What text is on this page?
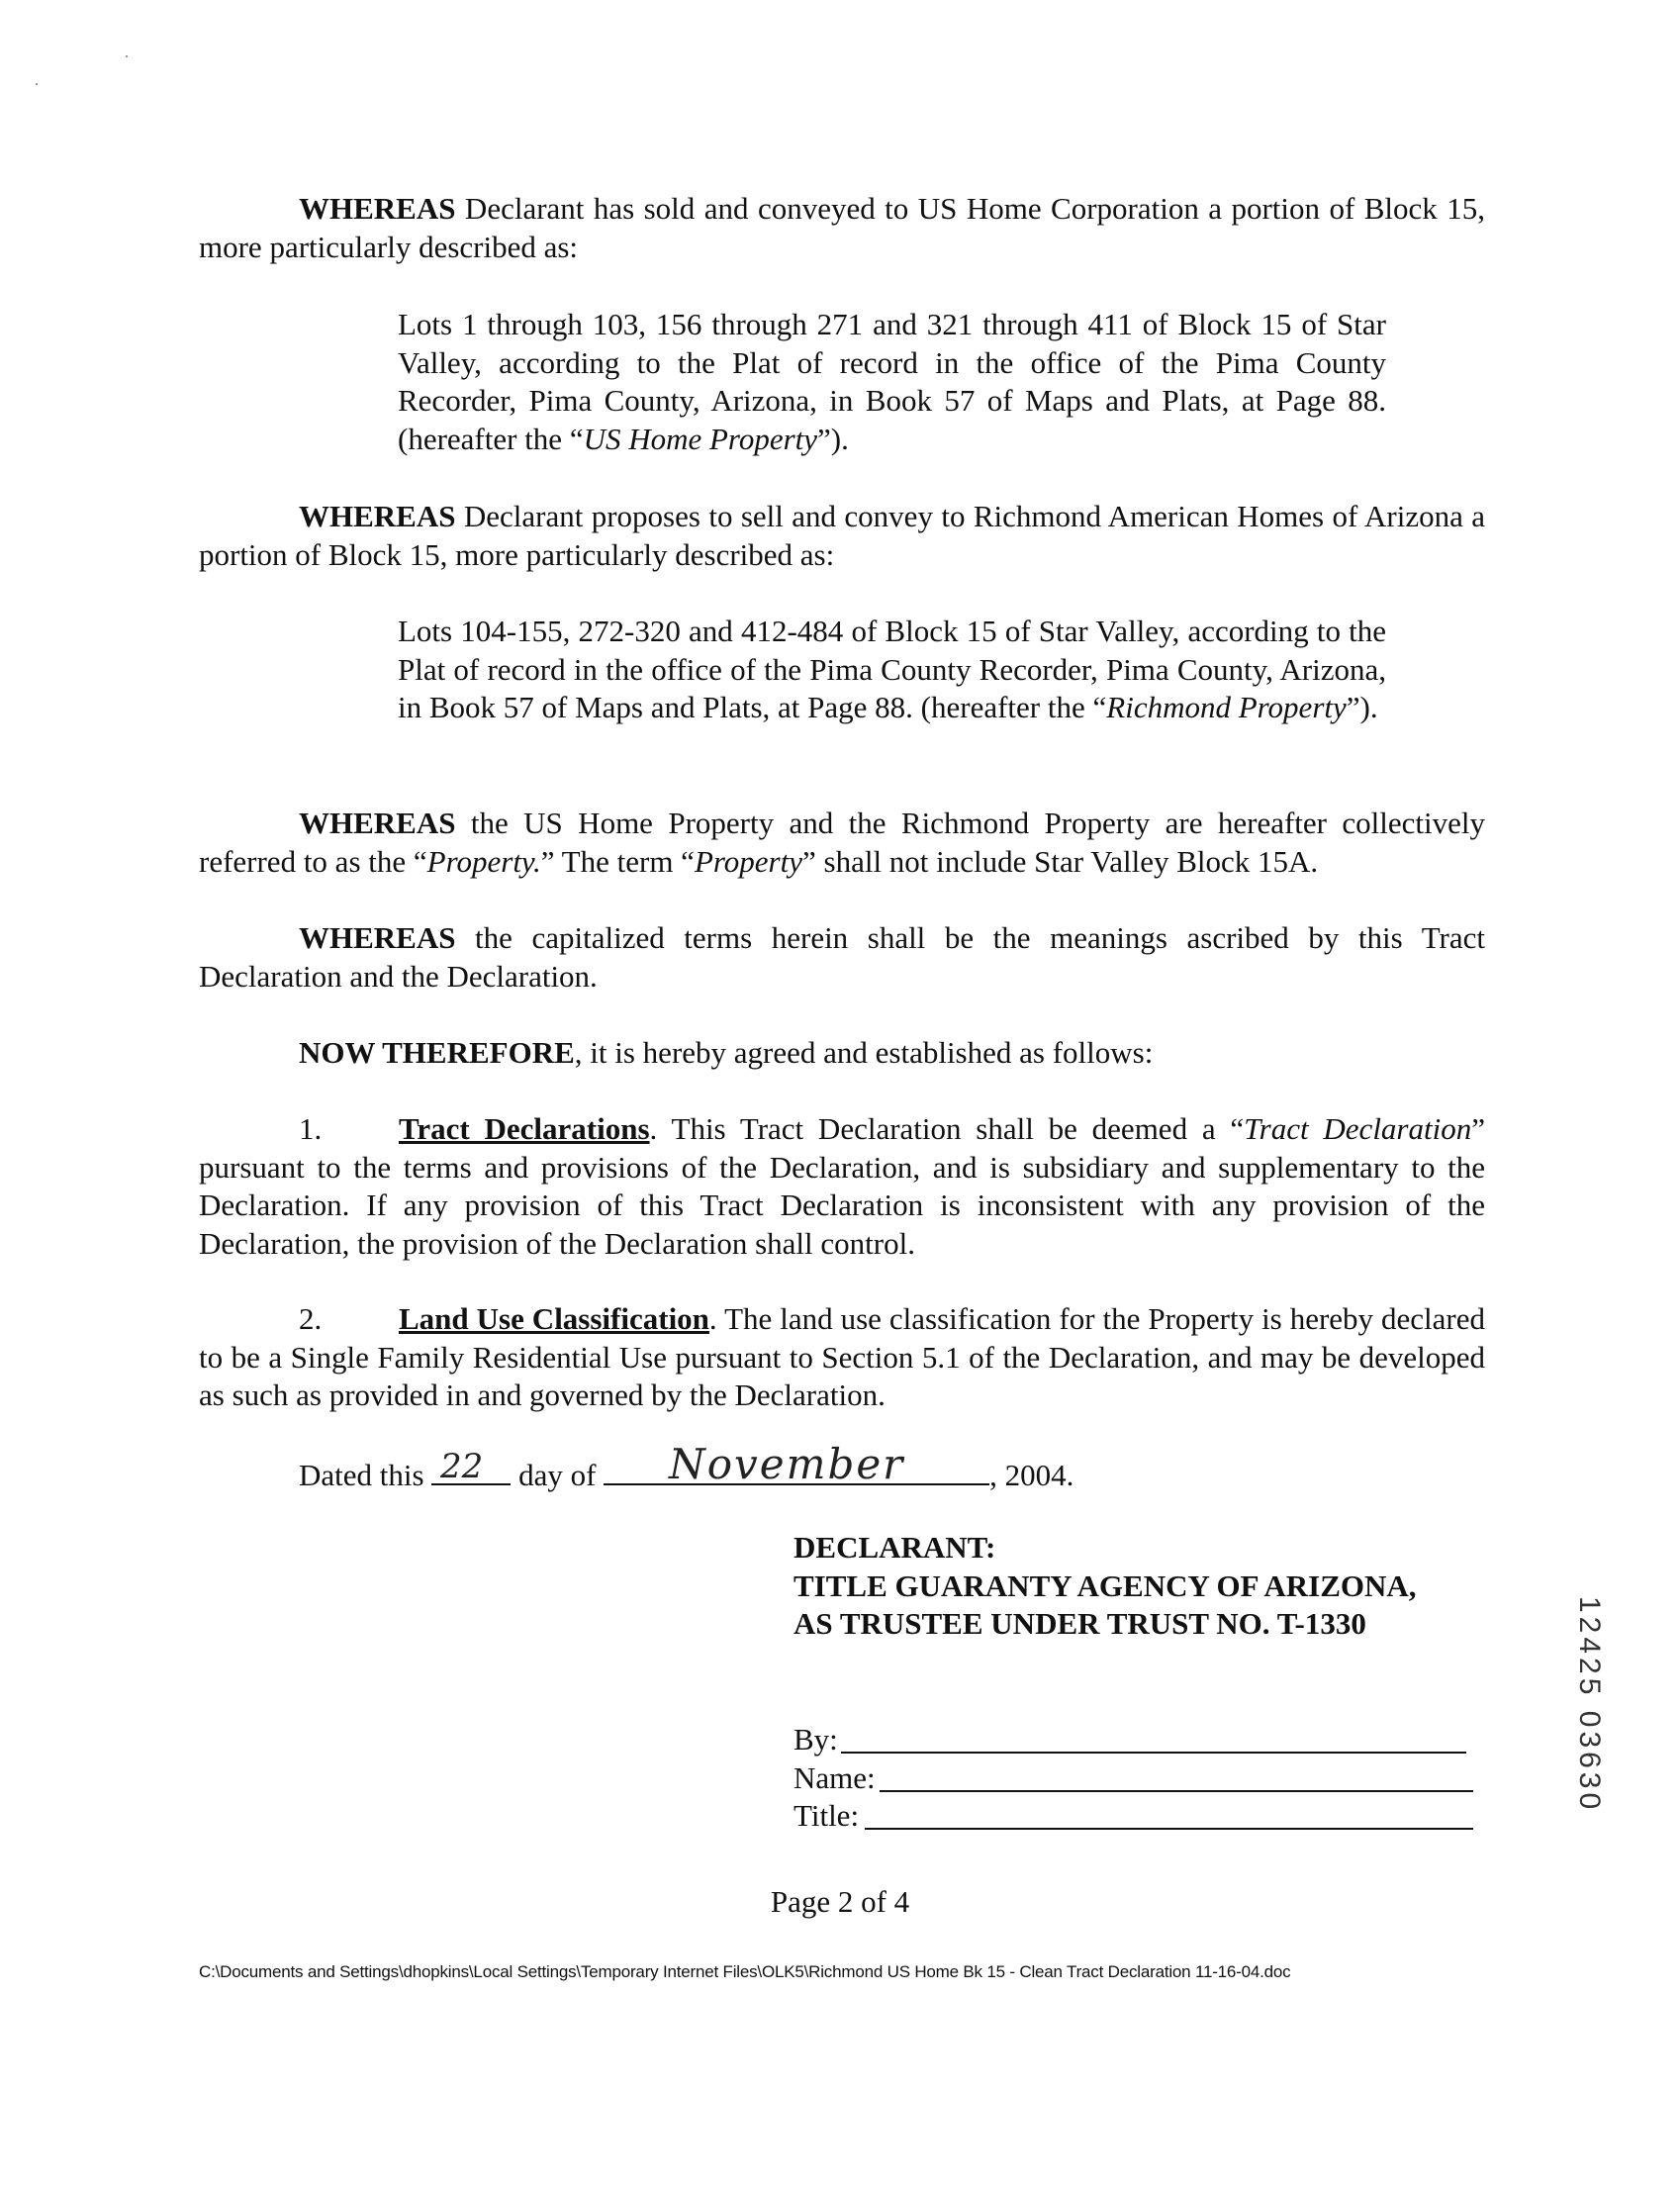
WHEREAS Declarant has sold and conveyed to US Home Corporation a portion of Block 15, more particularly described as:

Lots 1 through 103, 156 through 271 and 321 through 411 of Block 15 of Star Valley, according to the Plat of record in the office of the Pima County Recorder, Pima County, Arizona, in Book 57 of Maps and Plats, at Page 88. (hereafter the “US Home Property”).

WHEREAS Declarant proposes to sell and convey to Richmond American Homes of Arizona a portion of Block 15, more particularly described as:

Lots 104-155, 272-320 and 412-484 of Block 15 of Star Valley, according to the Plat of record in the office of the Pima County Recorder, Pima County, Arizona, in Book 57 of Maps and Plats, at Page 88. (hereafter the “Richmond Property”).

WHEREAS the US Home Property and the Richmond Property are hereafter collectively referred to as the “Property.” The term “Property” shall not include Star Valley Block 15A.

WHEREAS the capitalized terms herein shall be the meanings ascribed by this Tract Declaration and the Declaration.

NOW THEREFORE, it is hereby agreed and established as follows:

1.	Tract Declarations. This Tract Declaration shall be deemed a “Tract Declaration” pursuant to the terms and provisions of the Declaration, and is subsidiary and supplementary to the Declaration. If any provision of this Tract Declaration is inconsistent with any provision of the Declaration, the provision of the Declaration shall control.

2.	Land Use Classification. The land use classification for the Property is hereby declared to be a Single Family Residential Use pursuant to Section 5.1 of the Declaration, and may be developed as such as provided in and governed by the Declaration.

Dated this	day of	, 2004.
22	November
DECLARANT:
TITLE GUARANTY AGENCY OF ARIZONA,
AS TRUSTEE UNDER TRUST NO. T-1330
By:
Name:
Title:
Page 2 of 4
C:\Documents and Settings\dhopkins\Local Settings\Temporary Internet Files\OLK5\Richmond US Home Bk 15 - Clean Tract Declaration 11-16-04.doc
12425 03630
